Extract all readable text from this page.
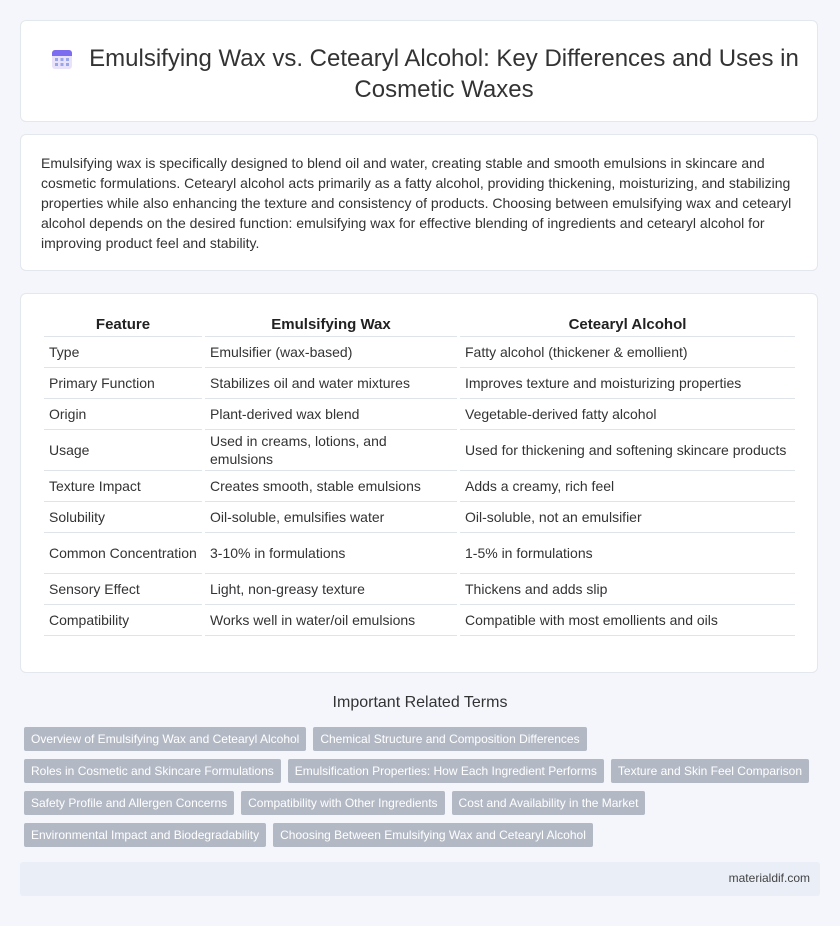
Emulsifying Wax vs. Cetearyl Alcohol: Key Differences and Uses in Cosmetic Waxes

Emulsifying wax is specifically designed to blend oil and water, creating stable and smooth emulsions in skincare and cosmetic formulations. Cetearyl alcohol acts primarily as a fatty alcohol, providing thickening, moisturizing, and stabilizing properties while also enhancing the texture and consistency of products. Choosing between emulsifying wax and cetearyl alcohol depends on the desired function: emulsifying wax for effective blending of ingredients and cetearyl alcohol for improving product feel and stability.

Feature	Emulsifying Wax	Cetearyl Alcohol
Type	Emulsifier (wax-based)	Fatty alcohol (thickener & emollient)
Primary Function	Stabilizes oil and water mixtures	Improves texture and moisturizing properties
Origin	Plant-derived wax blend	Vegetable-derived fatty alcohol
Usage	Used in creams, lotions, and emulsions	Used for thickening and softening skincare products
Texture Impact	Creates smooth, stable emulsions	Adds a creamy, rich feel
Solubility	Oil-soluble, emulsifies water	Oil-soluble, not an emulsifier
Common Concentration	3-10% in formulations	1-5% in formulations
Sensory Effect	Light, non-greasy texture	Thickens and adds slip
Compatibility	Works well in water/oil emulsions	Compatible with most emollients and oils
Important Related Terms
Overview of Emulsifying Wax and Cetearyl Alcohol Chemical Structure and Composition Differences
Roles in Cosmetic and Skincare Formulations Emulsification Properties: How Each Ingredient Performs Texture and Skin Feel Comparison
Safety Profile and Allergen Concerns Compatibility with Other Ingredients Cost and Availability in the Market
Environmental Impact and Biodegradability Choosing Between Emulsifying Wax and Cetearyl Alcohol
materialdif.com
